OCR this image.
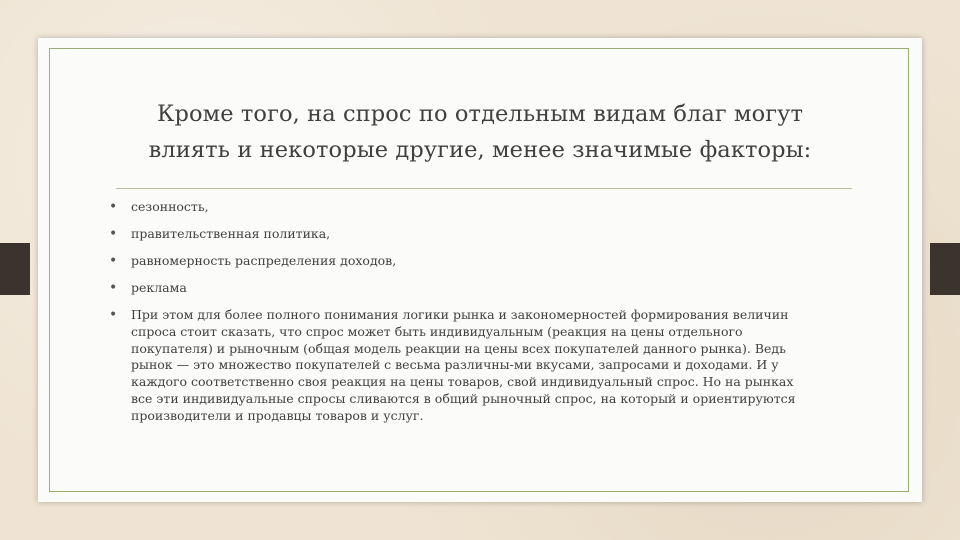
Кроме того, на спрос по отдельным видам благ могут
влиять и некоторые другие, менее значимые факторы:
• сезонность,
• правительственная политика,
• равномерность распределения доходов,
• реклама
• При этом для более полного понимания логики рынка и закономерностей формирования величин
спроса стоит сказать, что спрос может быть индивидуальным (реакция на цены отдельного
покупателя) и рыночным (общая модель реакции на цены всех покупателей данного рынка). Ведь
рынок — это множество покупателей с весьма различны-ми вкусами, запросами и доходами. И у
каждого соответственно своя реакция на цены товаров, свой индивидуальный спрос. Но на рынках
все эти индивидуальные спросы сливаются в общий рыночный спрос, на который и ориентируются
производители и продавцы товаров и услуг.
